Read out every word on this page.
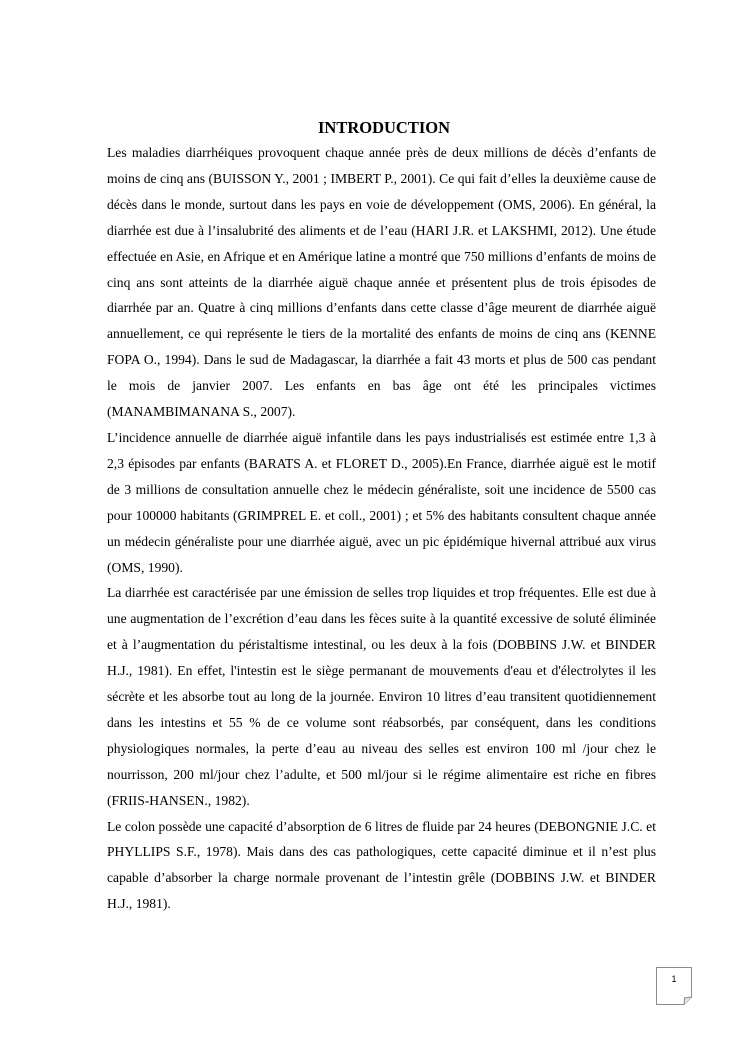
INTRODUCTION

Les maladies diarrhéiques provoquent chaque année près de deux millions de décès d’enfants de moins de cinq ans (BUISSON Y., 2001 ; IMBERT P., 2001). Ce qui fait d’elles la deuxième cause de décès dans le monde, surtout dans les pays en voie de développement (OMS, 2006). En général, la diarrhée est due à l’insalubrité des aliments et de l’eau (HARI J.R. et LAKSHMI, 2012). Une étude effectuée en Asie, en Afrique et en Amérique latine a montré que 750 millions d’enfants de moins de cinq ans sont atteints de la diarrhée aiguë chaque année et présentent plus de trois épisodes de diarrhée par an. Quatre à cinq millions d’enfants dans cette classe d’âge meurent de diarrhée aiguë annuellement, ce qui représente le tiers de la mortalité des enfants de moins de cinq ans (KENNE FOPA O., 1994). Dans le sud de Madagascar, la diarrhée a fait 43 morts et plus de 500 cas pendant le mois de janvier 2007. Les enfants en bas âge ont été les principales victimes (MANAMBIMANANA S., 2007).

L’incidence annuelle de diarrhée aiguë infantile dans les pays industrialisés est estimée entre 1,3 à 2,3 épisodes par enfants (BARATS A. et FLORET D., 2005).En France, diarrhée aiguë est le motif de 3 millions de consultation annuelle chez le médecin généraliste, soit une incidence de 5500 cas pour 100000 habitants (GRIMPREL E. et coll., 2001) ; et 5% des habitants consultent chaque année un médecin généraliste pour une diarrhée aiguë, avec un pic épidémique hivernal attribué aux virus (OMS, 1990).

La diarrhée est caractérisée par une émission de selles trop liquides et trop fréquentes. Elle est due à une augmentation de l’excrétion d’eau dans les fèces suite à la quantité excessive de soluté éliminée et à l’augmentation du péristaltisme intestinal, ou les deux à la fois (DOBBINS J.W. et BINDER H.J., 1981). En effet, l'intestin est le siège permanant de mouvements d'eau et d'électrolytes il les sécrète et les absorbe tout au long de la journée. Environ 10 litres d’eau transitent quotidiennement dans les intestins et 55 % de ce volume sont réabsorbés, par conséquent, dans les conditions physiologiques normales, la perte d’eau au niveau des selles est environ 100 ml /jour chez le nourrisson, 200 ml/jour chez l’adulte, et 500 ml/jour si le régime alimentaire est riche en fibres (FRIIS-HANSEN., 1982).

Le colon possède une capacité d’absorption de 6 litres de fluide par 24 heures (DEBONGNIE J.C. et PHYLLIPS S.F., 1978). Mais dans des cas pathologiques, cette capacité diminue et il n’est plus capable d’absorber la charge normale provenant de l’intestin grêle (DOBBINS J.W. et BINDER H.J., 1981).

1
